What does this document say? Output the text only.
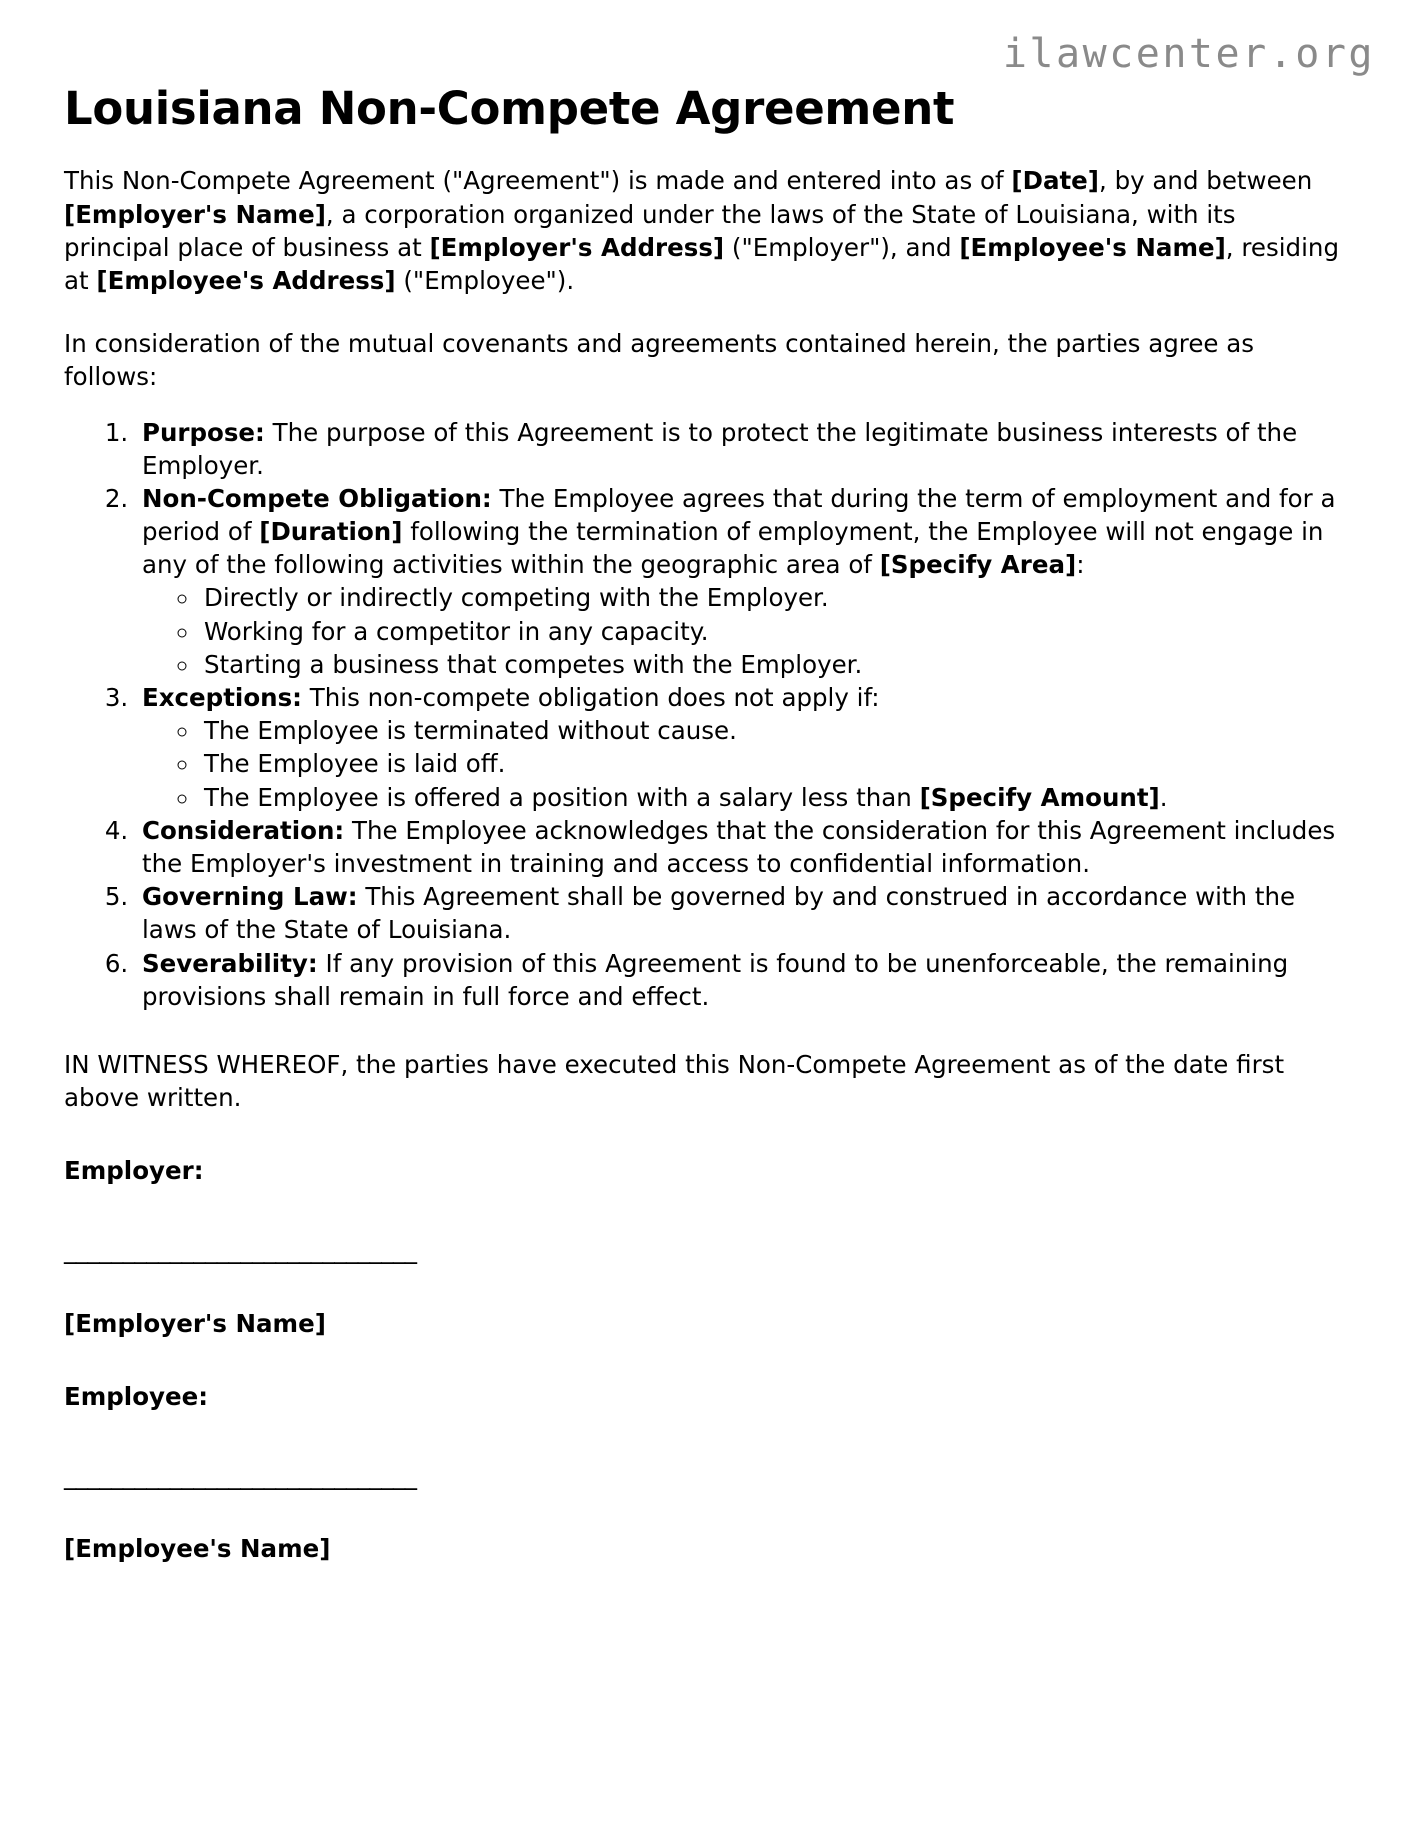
ilawcenter.org
Louisiana Non-Compete Agreement

This Non-Compete Agreement ("Agreement") is made and entered into as of [Date], by and between [Employer's Name], a corporation organized under the laws of the State of Louisiana, with its principal place of business at [Employer's Address] ("Employer"), and [Employee's Name], residing at [Employee's Address] ("Employee").

In consideration of the mutual covenants and agreements contained herein, the parties agree as follows:

1. Purpose: The purpose of this Agreement is to protect the legitimate business interests of the Employer.
2. Non-Compete Obligation: The Employee agrees that during the term of employment and for a period of [Duration] following the termination of employment, the Employee will not engage in any of the following activities within the geographic area of [Specify Area]:
◦ Directly or indirectly competing with the Employer.
◦ Working for a competitor in any capacity.
◦ Starting a business that competes with the Employer.
3. Exceptions: This non-compete obligation does not apply if:
◦ The Employee is terminated without cause.
◦ The Employee is laid off.
◦ The Employee is offered a position with a salary less than [Specify Amount].
4. Consideration: The Employee acknowledges that the consideration for this Agreement includes the Employer's investment in training and access to confidential information.
5. Governing Law: This Agreement shall be governed by and construed in accordance with the laws of the State of Louisiana.
6. Severability: If any provision of this Agreement is found to be unenforceable, the remaining provisions shall remain in full force and effect.

IN WITNESS WHEREOF, the parties have executed this Non-Compete Agreement as of the date first above written.

Employer:

______________________________

[Employer's Name]

Employee:

______________________________

[Employee's Name]
